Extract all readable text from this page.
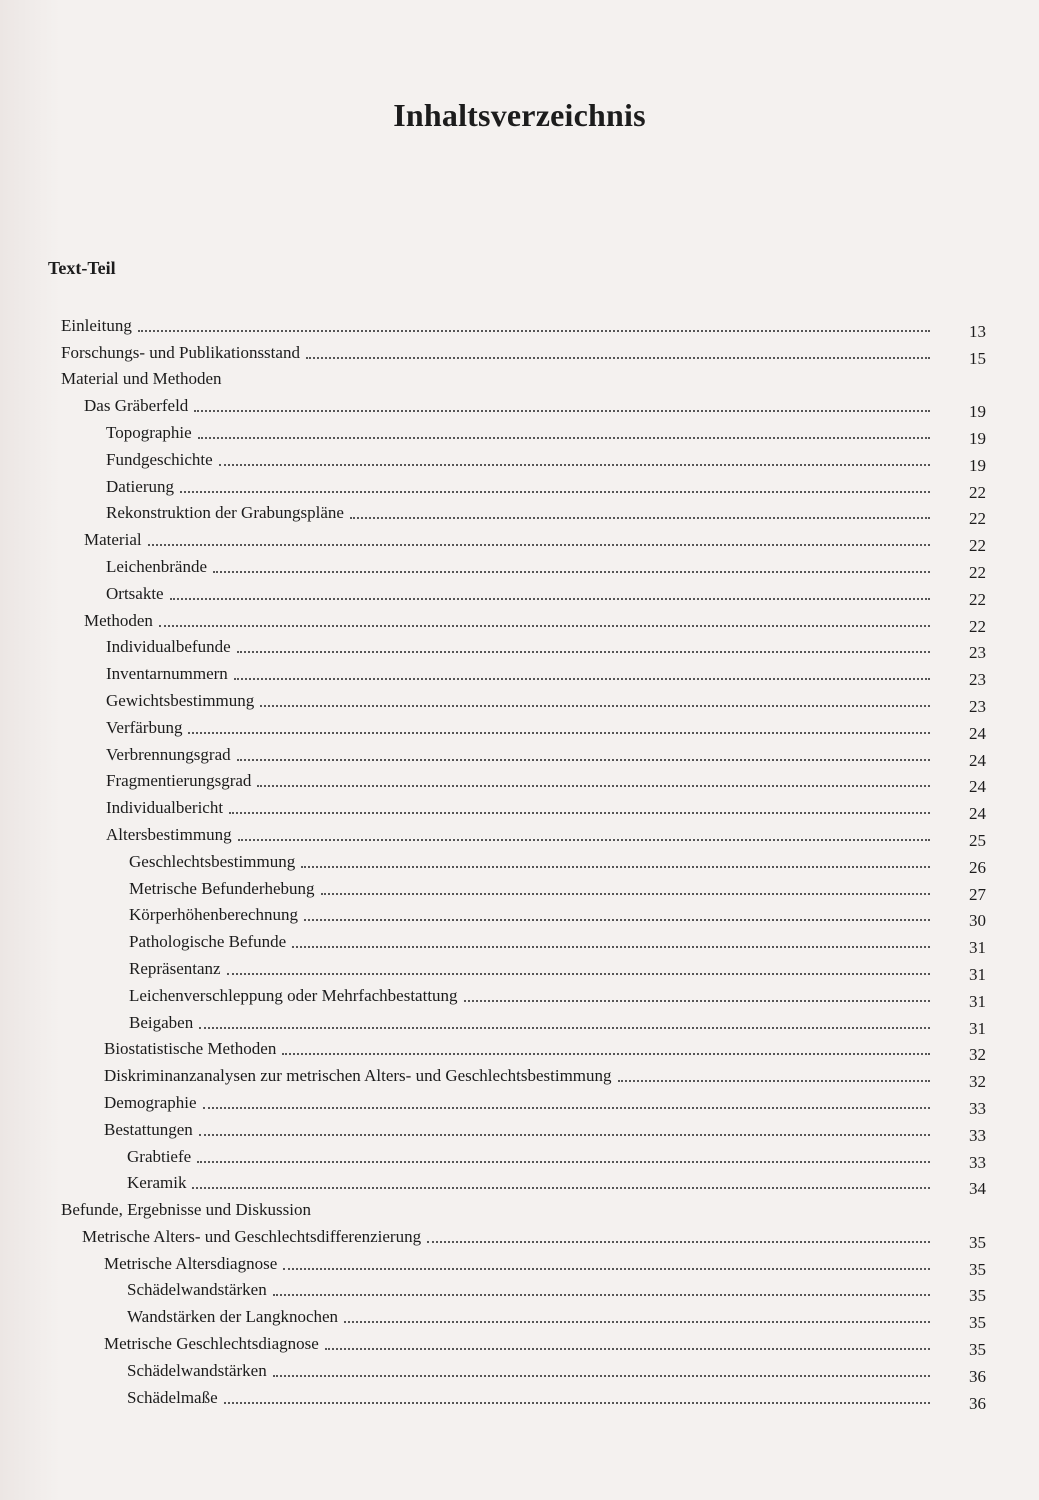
Inhaltsverzeichnis
Text-Teil
Einleitung	13
Forschungs- und Publikationsstand	15
Material und Methoden
Das Gräberfeld	19
Topographie	19
Fundgeschichte	19
Datierung	22
Rekonstruktion der Grabungspläne	22
Material	22
Leichenbrände	22
Ortsakte	22
Methoden	22
Individualbefunde	23
Inventarnummern	23
Gewichtsbestimmung	23
Verfärbung	24
Verbrennungsgrad	24
Fragmentierungsgrad	24
Individualbericht	24
Altersbestimmung	25
Geschlechtsbestimmung	26
Metrische Befunderhebung	27
Körperhöhenberechnung	30
Pathologische Befunde	31
Repräsentanz	31
Leichenverschleppung oder Mehrfachbestattung	31
Beigaben	31
Biostatistische Methoden	32
Diskriminanzanalysen zur metrischen Alters- und Geschlechtsbestimmung	32
Demographie	33
Bestattungen	33
Grabtiefe	33
Keramik	34
Befunde, Ergebnisse und Diskussion
Metrische Alters- und Geschlechtsdifferenzierung	35
Metrische Altersdiagnose	35
Schädelwandstärken	35
Wandstärken der Langknochen	35
Metrische Geschlechtsdiagnose	35
Schädelwandstärken	36
Schädelmaße	36
